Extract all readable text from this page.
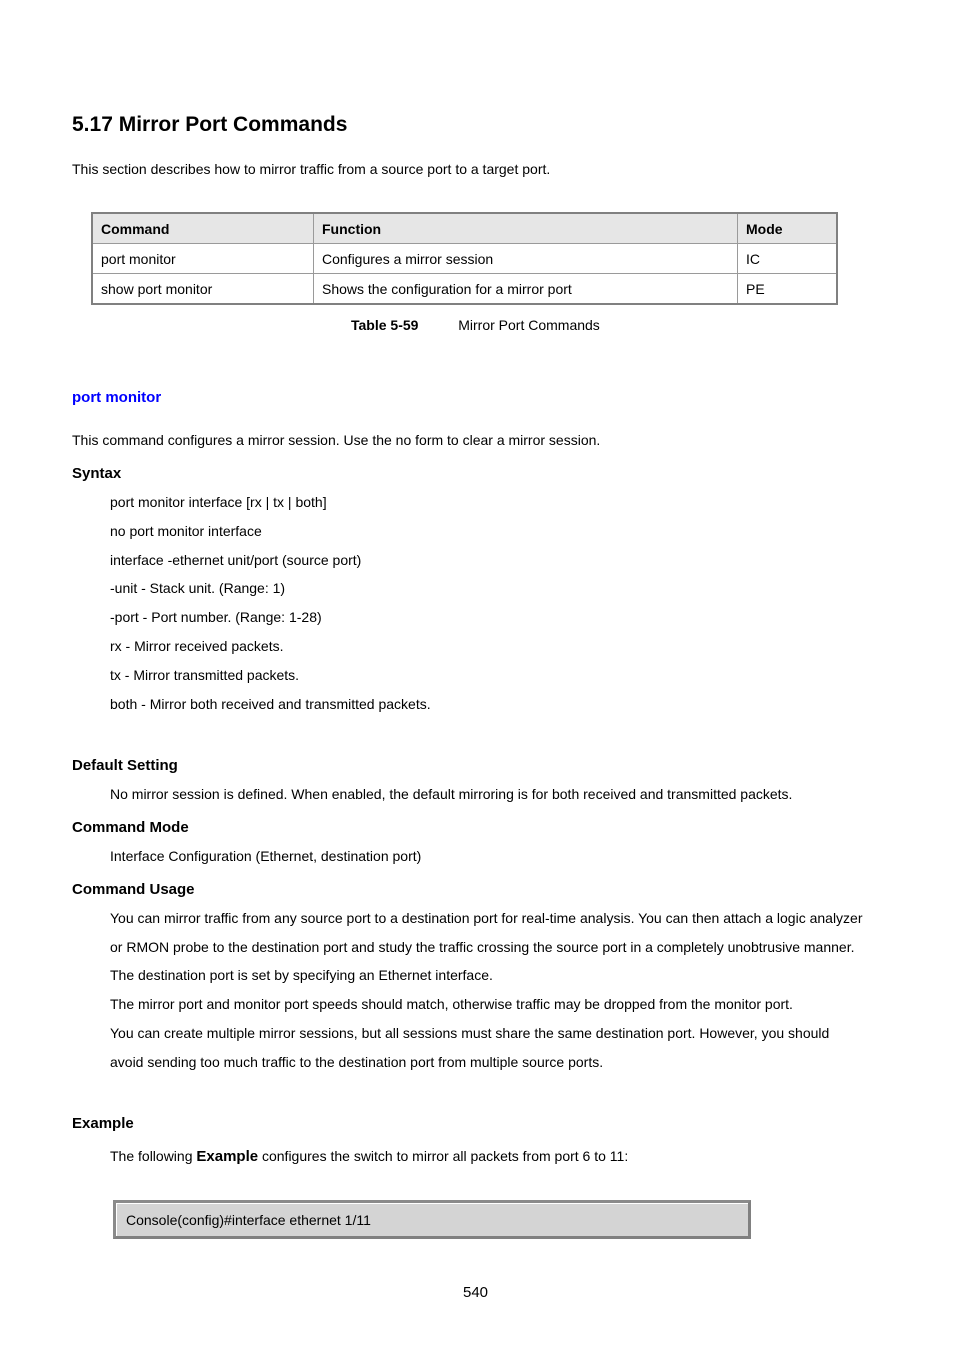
5.17 Mirror Port Commands
This section describes how to mirror traffic from a source port to a target port.
Command	Function	Mode
port monitor	Configures a mirror session	IC
show port monitor	Shows the configuration for a mirror port	PE
Table 5-59	Mirror Port Commands
port monitor
This command configures a mirror session. Use the no form to clear a mirror session.
Syntax
port monitor interface [rx | tx | both]
no port monitor interface
interface -ethernet unit/port (source port)
-unit - Stack unit. (Range: 1)
-port - Port number. (Range: 1-28)
rx - Mirror received packets.
tx - Mirror transmitted packets.
both - Mirror both received and transmitted packets.
Default Setting
No mirror session is defined. When enabled, the default mirroring is for both received and transmitted packets.
Command Mode
Interface Configuration (Ethernet, destination port)
Command Usage
You can mirror traffic from any source port to a destination port for real-time analysis. You can then attach a logic analyzer
or RMON probe to the destination port and study the traffic crossing the source port in a completely unobtrusive manner.
The destination port is set by specifying an Ethernet interface.
The mirror port and monitor port speeds should match, otherwise traffic may be dropped from the monitor port.
You can create multiple mirror sessions, but all sessions must share the same destination port. However, you should
avoid sending too much traffic to the destination port from multiple source ports.
Example
The following Example configures the switch to mirror all packets from port 6 to 11:
Console(config)#interface ethernet 1/11
540
